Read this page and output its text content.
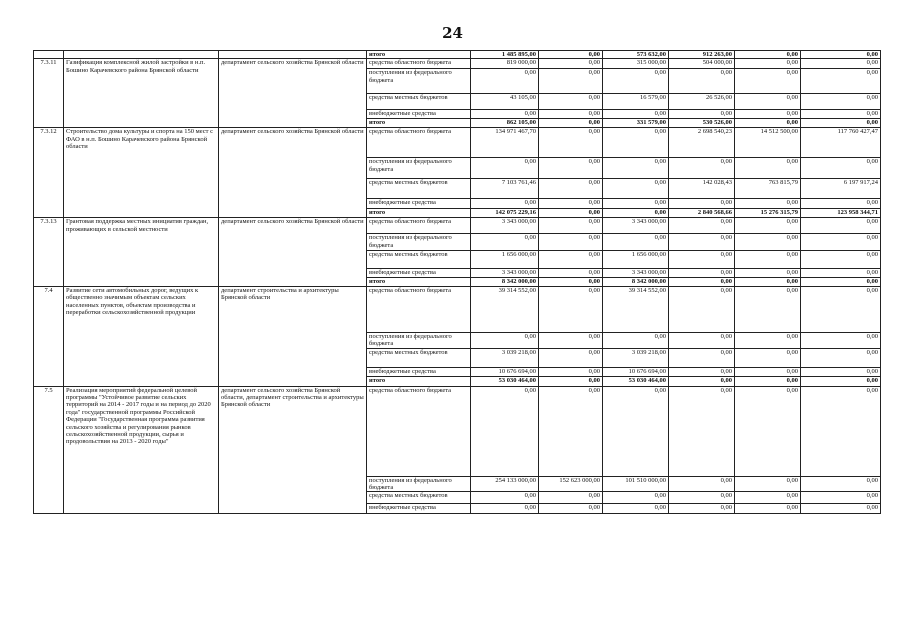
24
			итого	1 485 895,00	0,00	573 632,00	912 263,00	0,00	0,00
7.3.11	Газификация комплексной жилой застройки в н.п. Бошино Карачевского района Брянской области	департамент сельского хозяйства Брянской области	средства областного бюджета	819 000,00	0,00	315 000,00	504 000,00	0,00	0,00
			поступления из федерального бюджета	0,00	0,00	0,00	0,00	0,00	0,00
			средства местных бюджетов	43 105,00	0,00	16 579,00	26 526,00	0,00	0,00
			внебюджетные средства	0,00	0,00	0,00	0,00	0,00	0,00
			итого	862 105,00	0,00	331 579,00	530 526,00	0,00	0,00
7.3.12	Строительство дома культуры и спорта на 150 мест с ФАО в н.п. Бошино Карачевского района Брянской области	департамент сельского хозяйства Брянской области	средства областного бюджета	134 971 467,70	0,00	0,00	2 698 540,23	14 512 500,00	117 760 427,47
			поступления из федерального бюджета	0,00	0,00	0,00	0,00	0,00	0,00
			средства местных бюджетов	7 103 761,46	0,00	0,00	142 028,43	763 815,79	6 197 917,24
			внебюджетные средства	0,00	0,00	0,00	0,00	0,00	0,00
			итого	142 075 229,16	0,00	0,00	2 840 568,66	15 276 315,79	123 958 344,71
7.3.13	Грантовая поддержка местных инициатив граждан, проживающих в сельской местности	департамент сельского хозяйства Брянской области	средства областного бюджета	3 343 000,00	0,00	3 343 000,00	0,00	0,00	0,00
			поступления из федерального бюджета	0,00	0,00	0,00	0,00	0,00	0,00
			средства местных бюджетов	1 656 000,00	0,00	1 656 000,00	0,00	0,00	0,00
			внебюджетные средства	3 343 000,00	0,00	3 343 000,00	0,00	0,00	0,00
			итого	8 342 000,00	0,00	8 342 000,00	0,00	0,00	0,00
7.4	Развитие сети автомобильных дорог, ведущих к общественно значимым объектам сельских населенных пунктов, объектам производства и переработки сельскохозяйственной продукции	департамент строительства и архитектуры Брянской области	средства областного бюджета	39 314 552,00	0,00	39 314 552,00	0,00	0,00	0,00
			поступления из федерального бюджета	0,00	0,00	0,00	0,00	0,00	0,00
			средства местных бюджетов	3 039 218,00	0,00	3 039 218,00	0,00	0,00	0,00
			внебюджетные средства	10 676 694,00	0,00	10 676 694,00	0,00	0,00	0,00
			итого	53 030 464,00	0,00	53 030 464,00	0,00	0,00	0,00
7.5	Реализация мероприятий федеральной целевой программы "Устойчивое развитие сельских территорий на 2014 - 2017 годы и на период до 2020 года" государственной программы Российской Федерации "Государственная программа развития сельского хозяйства и регулирования рынков сельскохозяйственной продукции, сырья и продовольствия на 2013 - 2020 годы"	департамент сельского хозяйства Брянской области, департамент строительства и архитектуры Брянской области	средства областного бюджета	0,00	0,00	0,00	0,00	0,00	0,00
			поступления из федерального бюджета	254 133 000,00	152 623 000,00	101 510 000,00	0,00	0,00	0,00
			средства местных бюджетов	0,00	0,00	0,00	0,00	0,00	0,00
			внебюджетные средства	0,00	0,00	0,00	0,00	0,00	0,00
